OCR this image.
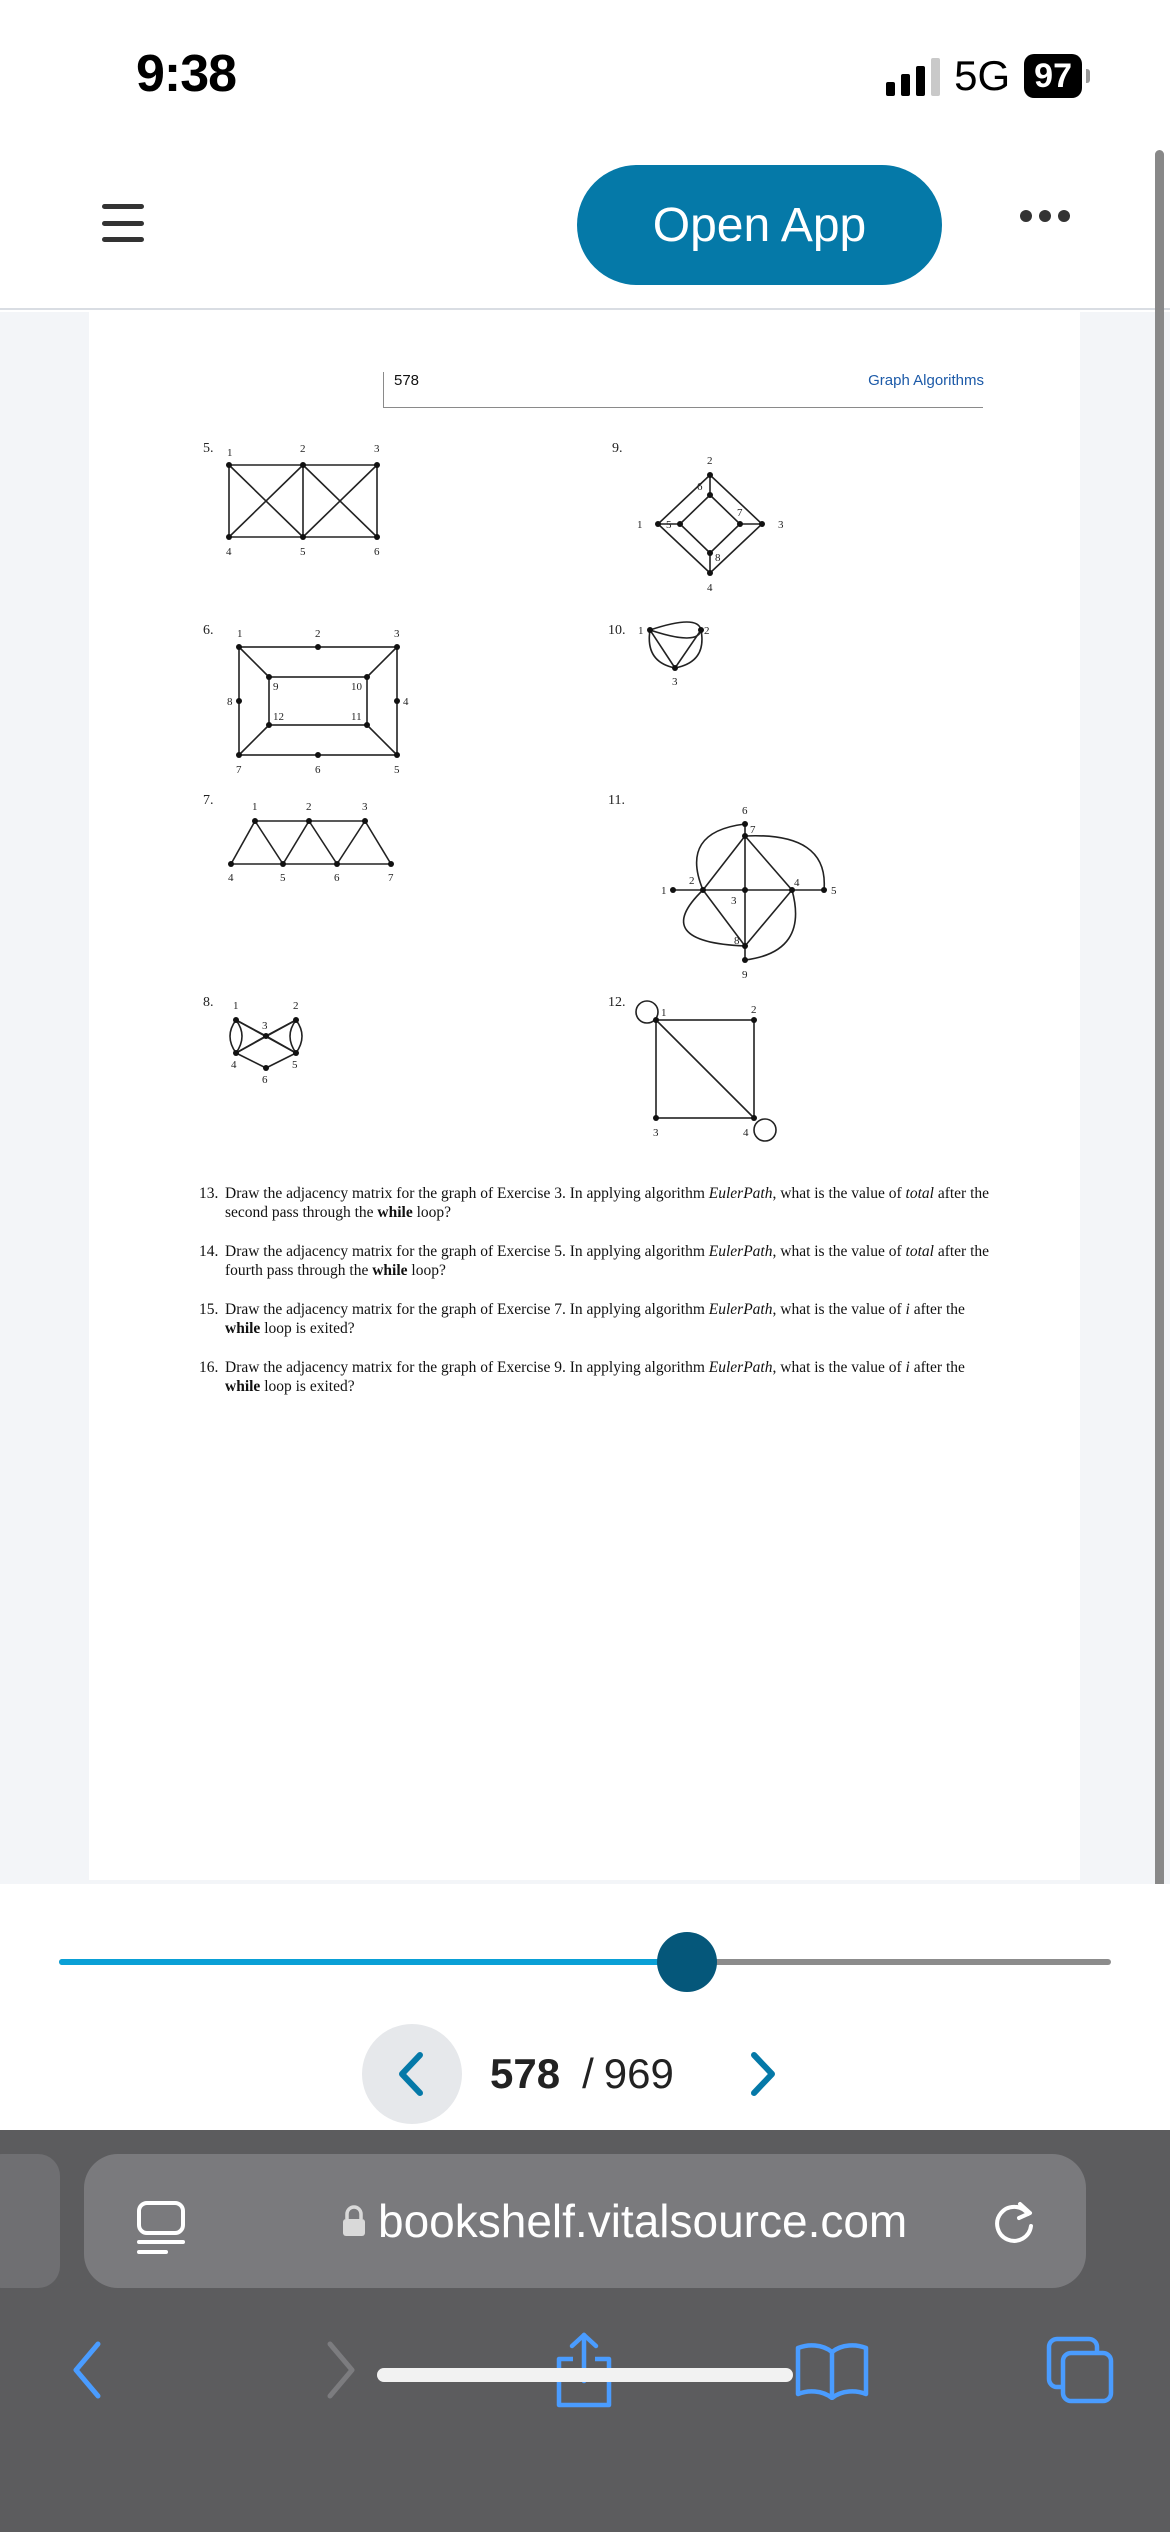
9:38	5G 97
Open App
578	Graph Algorithms
5. 1	2	3
4	5	6
6. 1	2	3
4
5
6
7
8
9	10
11
12
7.	1	2	3
4	5	6	7
8. 1	2
3
4	5
6
9.
1
2
3
4
5
6
7
8
10. 1	2
3
11.
1
2
3
4
5
6
7
8
9
12.
1	2
3	4
13. Draw the adjacency matrix for the graph of Exercise 3. In applying algorithm EulerPath, what is the value of total after the second pass through the while loop?
14. Draw the adjacency matrix for the graph of Exercise 5. In applying algorithm EulerPath, what is the value of total after the fourth pass through the while loop?
15. Draw the adjacency matrix for the graph of Exercise 7. In applying algorithm EulerPath, what is the value of i after the while loop is exited?
16. Draw the adjacency matrix for the graph of Exercise 9. In applying algorithm EulerPath, what is the value of i after the while loop is exited?
578 / 969
bookshelf.vitalsource.com
